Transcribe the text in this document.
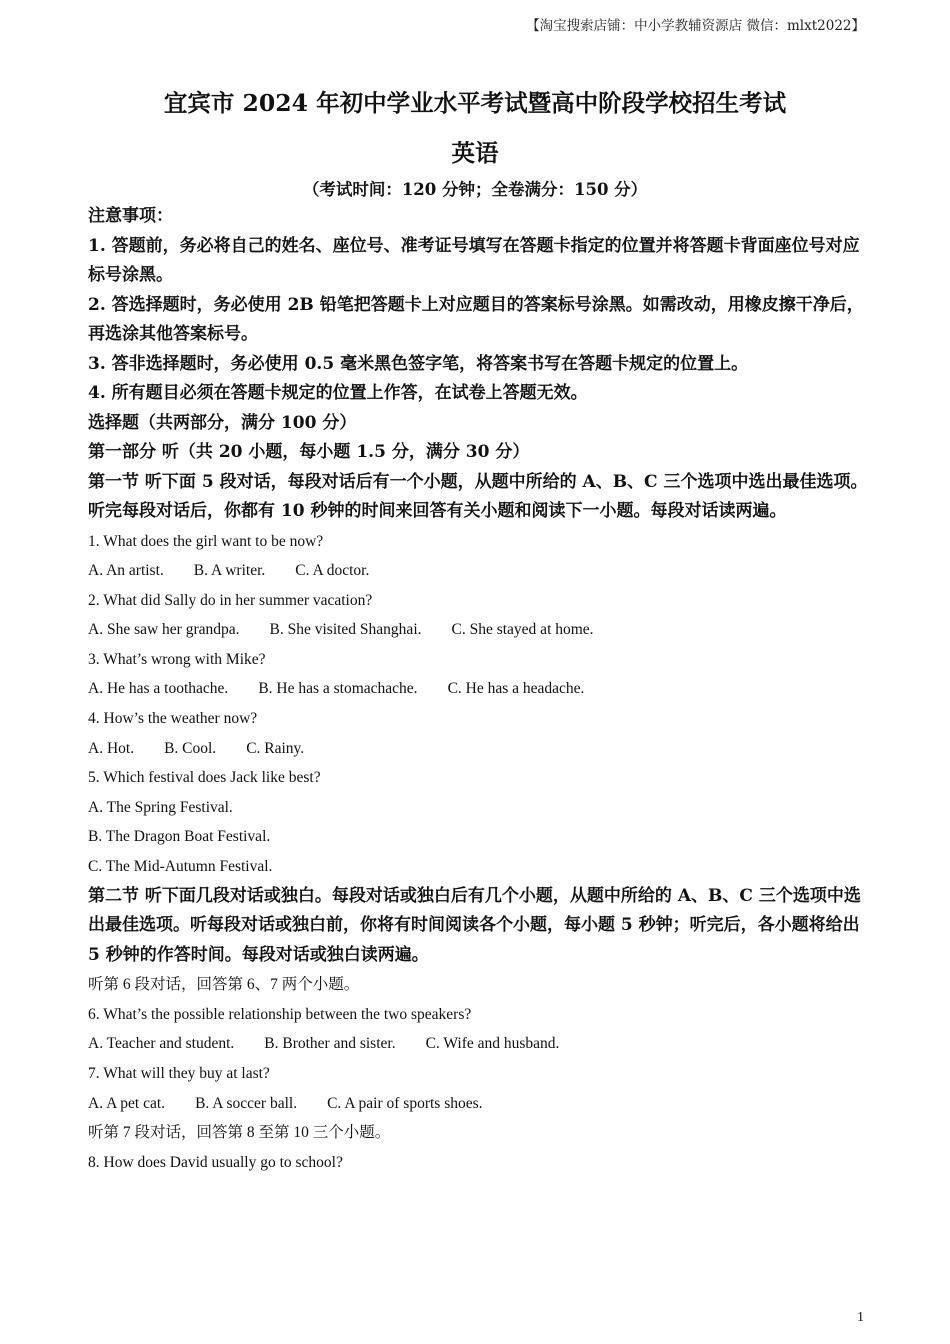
【淘宝搜索店铺：中小学教辅资源店 微信：mlxt2022】
宜宾市 2024 年初中学业水平考试暨高中阶段学校招生考试
英语
（考试时间：120 分钟；全卷满分：150 分）
注意事项：
1. 答题前，务必将自己的姓名、座位号、准考证号填写在答题卡指定的位置并将答题卡背面座位号对应标号涂黑。
2. 答选择题时，务必使用 2B 铅笔把答题卡上对应题目的答案标号涂黑。如需改动，用橡皮擦干净后，再选涂其他答案标号。
3. 答非选择题时，务必使用 0.5 毫米黑色签字笔，将答案书写在答题卡规定的位置上。
4. 所有题目必须在答题卡规定的位置上作答，在试卷上答题无效。
选择题（共两部分，满分 100 分）
第一部分 听（共 20 小题，每小题 1.5 分，满分 30 分）
第一节 听下面 5 段对话，每段对话后有一个小题，从题中所给的 A、B、C 三个选项中选出最佳选项。听完每段对话后，你都有 10 秒钟的时间来回答有关小题和阅读下一小题。每段对话读两遍。
1. What does the girl want to be now?
A. An artist. B. A writer. C. A doctor.
2. What did Sally do in her summer vacation?
A. She saw her grandpa. B. She visited Shanghai. C. She stayed at home.
3. What’s wrong with Mike?
A. He has a toothache. B. He has a stomachache. C. He has a headache.
4. How’s the weather now?
A. Hot. B. Cool. C. Rainy.
5. Which festival does Jack like best?
A. The Spring Festival.
B. The Dragon Boat Festival.
C. The Mid-Autumn Festival.
第二节 听下面几段对话或独白。每段对话或独白后有几个小题，从题中所给的 A、B、C 三个选项中选出最佳选项。听每段对话或独白前，你将有时间阅读各个小题，每小题 5 秒钟；听完后，各小题将给出 5 秒钟的作答时间。每段对话或独白读两遍。
听第 6 段对话，回答第 6、7 两个小题。
6. What’s the possible relationship between the two speakers?
A. Teacher and student. B. Brother and sister. C. Wife and husband.
7. What will they buy at last?
A. A pet cat. B. A soccer ball. C. A pair of sports shoes.
听第 7 段对话，回答第 8 至第 10 三个小题。
8. How does David usually go to school?
1
